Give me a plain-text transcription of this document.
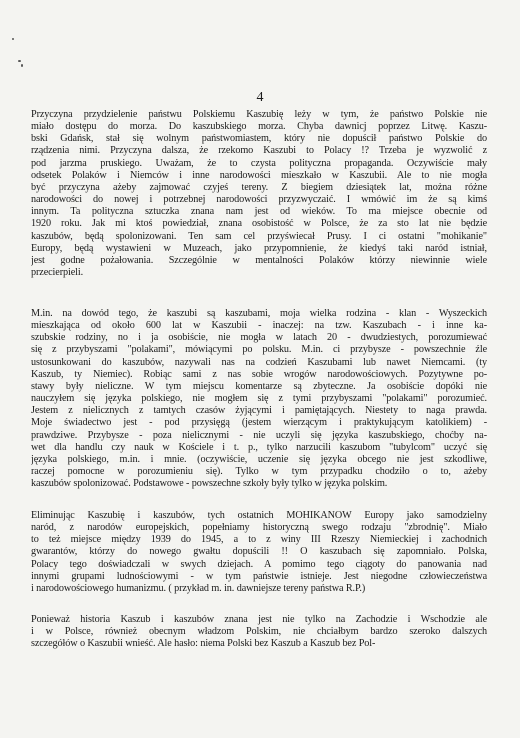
4
Przyczyna przydzielenie państwu Polskiemu Kaszubię leży w tym, że państwo Polskie nie
miało dostępu do morza. Do kaszubskiego morza. Chyba dawnicj poprzez Litwę. Kaszu-
bski Gdańsk, stał się wolnym państwomiastem, który nie dopuścił państwo Polskie do
rządzenia nimi. Przyczyna dalsza, że rzekomo Kaszubi to Polacy !? Trzeba je wyzwolić z
pod jarzma pruskiego. Uważam, że to czysta polityczna propaganda. Oczywiście mały
odsetek Polaków i Niemców i inne narodowości mieszkało w Kaszubii. Ale to nie mogła
być przyczyna ażeby zajmować czyjeś tereny. Z biegiem dziesiątek lat, można różne
narodowości do nowej i potrzebnej narodowości przyzwyczaić. I wmówić im że są kimś
innym. Ta polityczna sztuczka znana nam jest od wieków. To ma miejsce obecnie od
1920 roku. Jak mi ktoś powiedział, znana osobistość w Polsce, że za sto lat nie będzie
kaszubów, będą spolonizowani. Ten sam cel przyświecał Prusy. I ci ostatni "mohikanie"
Europy, będą wystawieni w Muzeach, jako przypomnienie, że kiedyś taki naród istniał,
jest godne pożałowania. Szczególnie w mentalności Polaków którzy niewinnie wiele
przecierpieli.
M.in. na dowód tego, że kaszubi są kaszubami, moja wielka rodzina - klan - Wyszeckich
mieszkająca od około 600 lat w Kaszubii - inaczej: na tzw. Kaszubach - i inne ka-
szubskie rodziny, no i ja osobiście, nie mogła w latach 20 - dwudziestych, porozumiewać
się z przybyszami "polakami", mówiącymi po polsku. M.in. ci przybysze - powszechnie źle
ustosunkowani do kaszubów, nazywali nas na codzień Kaszubami lub nawet Niemcami. (ty
Kaszub, ty Niemiec). Robiąc sami z nas sobie wrogów narodowościowych. Pozytywne po-
stawy były nieliczne. W tym miejscu komentarze są zbyteczne. Ja osobiście dopóki nie
nauczyłem się języka polskiego, nie mogłem się z tymi przybyszami "polakami" porozumieć.
Jestem z nielicznych z tamtych czasów żyjącymi i pamiętających. Niestety to naga prawda.
Moje świadectwo jest - pod przysięgą (jestem wierzącym i praktykującym katolikiem) -
prawdziwe. Przybysze - poza nielicznymi - nie uczyli się języka kaszubskiego, choćby na-
wet dla handlu czy nauk w Kościele i t. p., tylko narzucili kaszubom "tubylcom" uczyć się
języka polskiego, m.in. i mnie. (oczywiście, uczenie się języka obcego nie jest szkodliwe,
raczej pomocne w porozumieniu się). Tylko w tym przypadku chodziło o to, ażeby
kaszubów spolonizować. Podstawowe - powszechne szkoły były tylko w języka polskim.
Eliminując Kaszubię i kaszubów, tych ostatnich MOHIKANOW Europy jako samodzielny
naród, z narodów europejskich, popełniamy historyczną swego rodzaju "zbrodnię". Miało
to też miejsce między 1939 do 1945, a to z winy III Rzeszy Niemieckiej i zachodnich
gwarantów, którzy do nowego gwałtu dopuścili !! O kaszubach się zapomniało. Polska,
Polacy tego doświadczali w swych dziejach. A pomimo tego ciągoty do panowania nad
innymi grupami ludnościowymi - w tym państwie istnieje. Jest niegodne człowieczeństwa
i narodowościowego humanizmu. ( przykład m. in. dawniejsze tereny państwa R.P.)
Ponieważ historia Kaszub i kaszubów znana jest nie tylko na Zachodzie i Wschodzie ale
i w Polsce, również obecnym władzom Polskim, nie chciałbym bardzo szeroko dalszych
szczegółów o Kaszubii wnieść. Ale hasło: niema Polski bez Kaszub a Kaszub bez Pol-
